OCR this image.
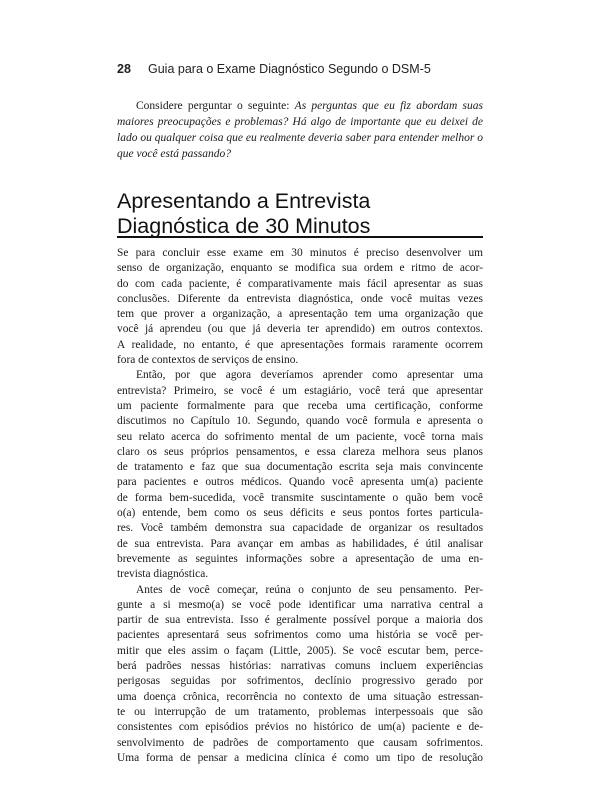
28 Guia para o Exame Diagnóstico Segundo o DSM-5

Considere perguntar o seguinte: As perguntas que eu fiz abordam suas maiores preocupações e problemas? Há algo de importante que eu deixei de lado ou qualquer coisa que eu realmente deveria saber para entender melhor o que você está passando?

Apresentando a Entrevista
Diagnóstica de 30 Minutos
Se para concluir esse exame em 30 minutos é preciso desenvolver um
senso de organização, enquanto se modifica sua ordem e ritmo de acor-
do com cada paciente, é comparativamente mais fácil apresentar as suas
conclusões. Diferente da entrevista diagnóstica, onde você muitas vezes
tem que prover a organização, a apresentação tem uma organização que
você já aprendeu (ou que já deveria ter aprendido) em outros contextos.
A realidade, no entanto, é que apresentações formais raramente ocorrem
fora de contextos de serviços de ensino.
Então, por que agora deveríamos aprender como apresentar uma
entrevista? Primeiro, se você é um estagiário, você terá que apresentar
um paciente formalmente para que receba uma certificação, conforme
discutimos no Capítulo 10. Segundo, quando você formula e apresenta o
seu relato acerca do sofrimento mental de um paciente, você torna mais
claro os seus próprios pensamentos, e essa clareza melhora seus planos
de tratamento e faz que sua documentação escrita seja mais convincente
para pacientes e outros médicos. Quando você apresenta um(a) paciente
de forma bem-sucedida, você transmite suscintamente o quão bem você
o(a) entende, bem como os seus déficits e seus pontos fortes particula-
res. Você também demonstra sua capacidade de organizar os resultados
de sua entrevista. Para avançar em ambas as habilidades, é útil analisar
brevemente as seguintes informações sobre a apresentação de uma en-
trevista diagnóstica.
Antes de você começar, reúna o conjunto de seu pensamento. Per-
gunte a si mesmo(a) se você pode identificar uma narrativa central a
partir de sua entrevista. Isso é geralmente possível porque a maioria dos
pacientes apresentará seus sofrimentos como uma história se você per-
mitir que eles assim o façam (Little, 2005). Se você escutar bem, perce-
berá padrões nessas histórias: narrativas comuns incluem experiências
perigosas seguidas por sofrimentos, declínio progressivo gerado por
uma doença crônica, recorrência no contexto de uma situação estressan-
te ou interrupção de um tratamento, problemas interpessoais que são
consistentes com episódios prévios no histórico de um(a) paciente e de-
senvolvimento de padrões de comportamento que causam sofrimentos.
Uma forma de pensar a medicina clínica é como um tipo de resolução
